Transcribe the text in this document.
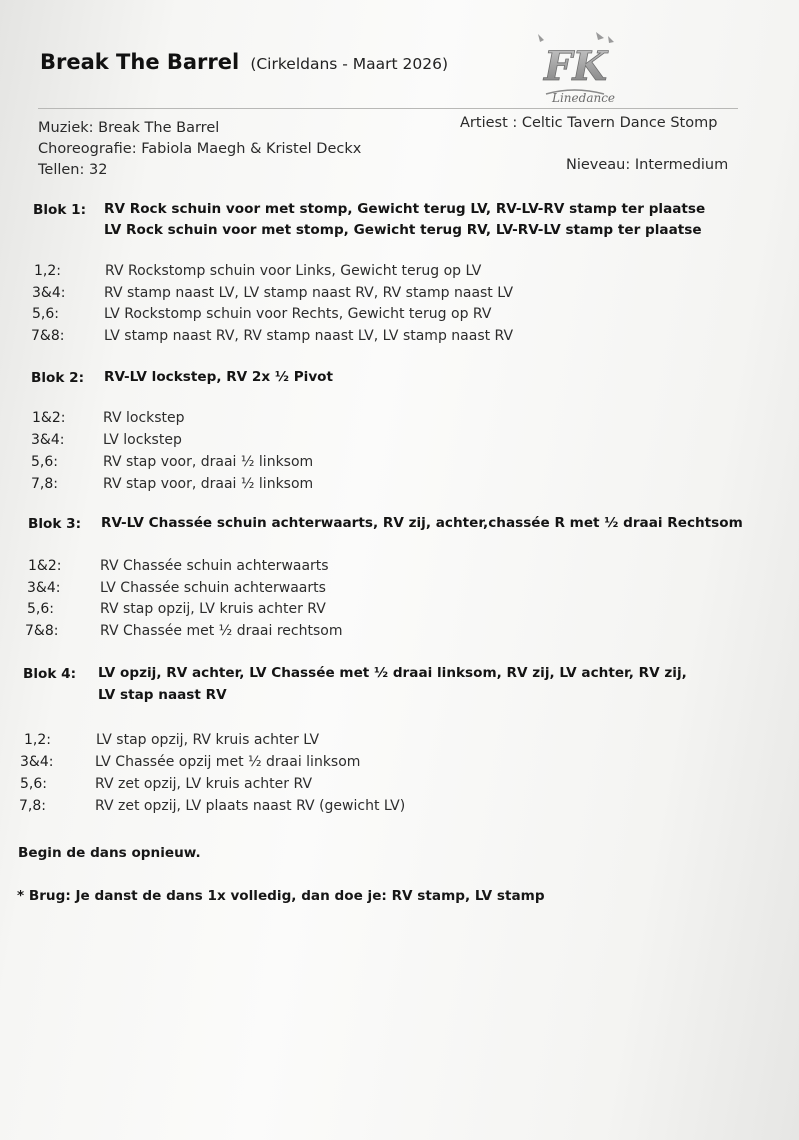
Break The Barrel (Cirkeldans - Maart 2026) FK
Linedance
Muziek: Break The Barrel	Artiest : Celtic Tavern Dance Stomp
Choreografie: Fabiola Maegh & Kristel Deckx
Tellen: 32	Nieveau: Intermedium
Blok 1: RV Rock schuin voor met stomp, Gewicht terug LV, RV-LV-RV stamp ter plaatse
LV Rock schuin voor met stomp, Gewicht terug RV, LV-RV-LV stamp ter plaatse
1,2:	RV Rockstomp schuin voor Links, Gewicht terug op LV
3&4:	RV stamp naast LV, LV stamp naast RV, RV stamp naast LV
5,6:	LV Rockstomp schuin voor Rechts, Gewicht terug op RV
7&8:	LV stamp naast RV, RV stamp naast LV, LV stamp naast RV
Blok 2: RV-LV lockstep, RV 2x ½ Pivot
1&2:	RV lockstep
3&4:	LV lockstep
5,6:	RV stap voor, draai ½ linksom
7,8:	RV stap voor, draai ½ linksom
Blok 3: RV-LV Chassée schuin achterwaarts, RV zij, achter,chassée R met ½ draai Rechtsom
1&2:	RV Chassée schuin achterwaarts
3&4:	LV Chassée schuin achterwaarts
5,6:	RV stap opzij, LV kruis achter RV
7&8:	RV Chassée met ½ draai rechtsom
Blok 4: LV opzij, RV achter, LV Chassée met ½ draai linksom, RV zij, LV achter, RV zij,
LV stap naast RV
1,2:	LV stap opzij, RV kruis achter LV
3&4:	LV Chassée opzij met ½ draai linksom
5,6:	RV zet opzij, LV kruis achter RV
7,8:	RV zet opzij, LV plaats naast RV (gewicht LV)
Begin de dans opnieuw.
* Brug: Je danst de dans 1x volledig, dan doe je: RV stamp, LV stamp
